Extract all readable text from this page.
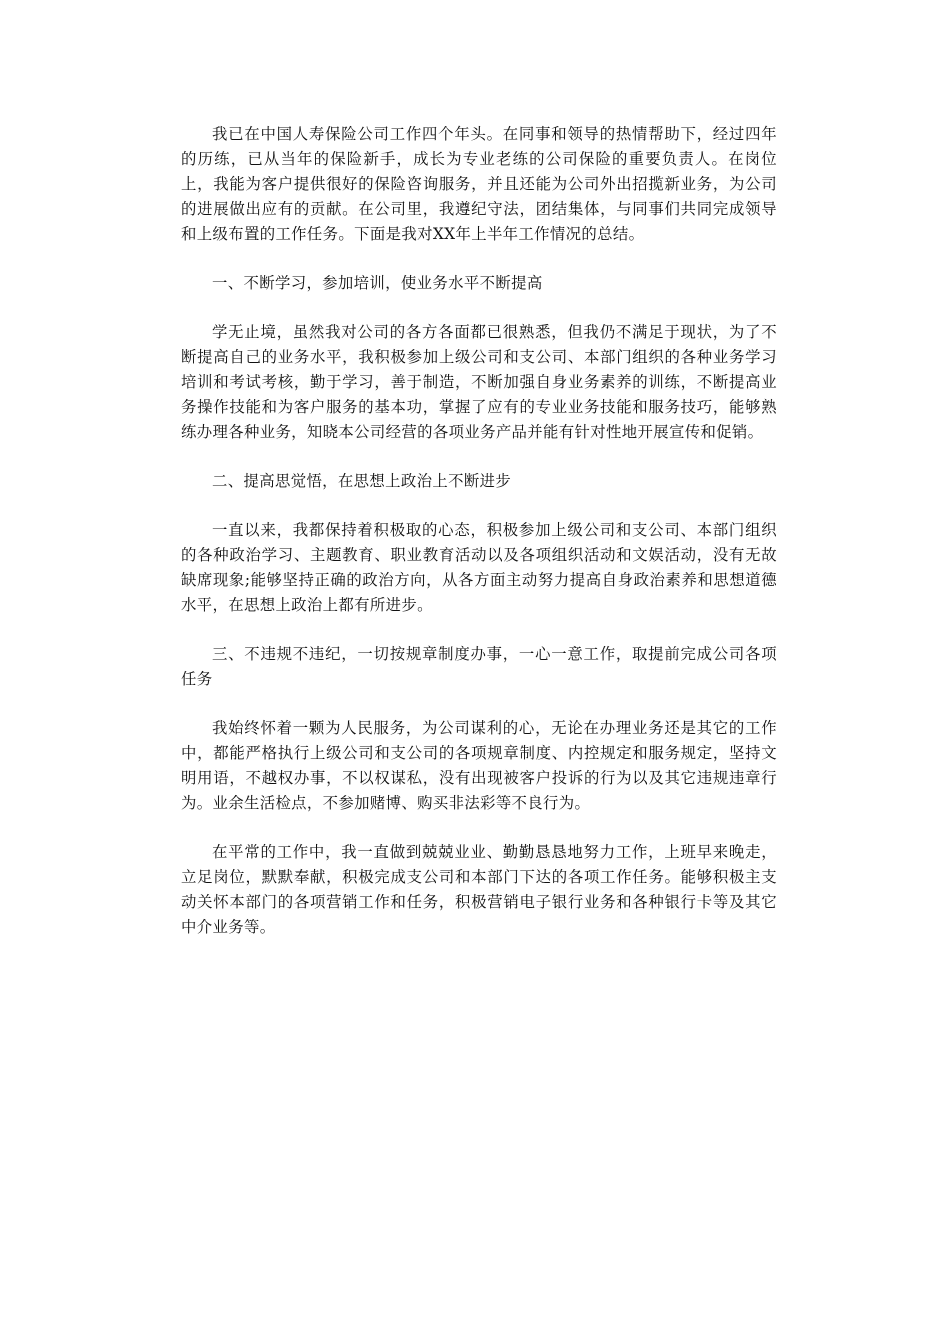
我已在中国人寿保险公司工作四个年头。在同事和领导的热情帮助下，经过四年的历练，已从当年的保险新手，成长为专业老练的公司保险的重要负责人。在岗位上，我能为客户提供很好的保险咨询服务，并且还能为公司外出招揽新业务，为公司的进展做出应有的贡献。在公司里，我遵纪守法，团结集体，与同事们共同完成领导和上级布置的工作任务。下面是我对XX年上半年工作情况的总结。

一、不断学习，参加培训，使业务水平不断提高

学无止境，虽然我对公司的各方各面都已很熟悉，但我仍不满足于现状，为了不断提高自己的业务水平，我积极参加上级公司和支公司、本部门组织的各种业务学习培训和考试考核，勤于学习，善于制造，不断加强自身业务素养的训练，不断提高业务操作技能和为客户服务的基本功，掌握了应有的专业业务技能和服务技巧，能够熟练办理各种业务，知晓本公司经营的各项业务产品并能有针对性地开展宣传和促销。

二、提高思觉悟，在思想上政治上不断进步

一直以来，我都保持着积极取的心态，积极参加上级公司和支公司、本部门组织的各种政治学习、主题教育、职业教育活动以及各项组织活动和文娱活动，没有无故缺席现象;能够坚持正确的政治方向，从各方面主动努力提高自身政治素养和思想道德水平，在思想上政治上都有所进步。

三、不违规不违纪，一切按规章制度办事，一心一意工作，取提前完成公司各项任务

我始终怀着一颗为人民服务，为公司谋利的心，无论在办理业务还是其它的工作中，都能严格执行上级公司和支公司的各项规章制度、内控规定和服务规定，坚持文明用语，不越权办事，不以权谋私，没有出现被客户投诉的行为以及其它违规违章行为。业余生活检点，不参加赌博、购买非法彩等不良行为。

在平常的工作中，我一直做到兢兢业业、勤勤恳恳地努力工作，上班早来晚走，立足岗位，默默奉献，积极完成支公司和本部门下达的各项工作任务。能够积极主支动关怀本部门的各项营销工作和任务，积极营销电子银行业务和各种银行卡等及其它中介业务等。
